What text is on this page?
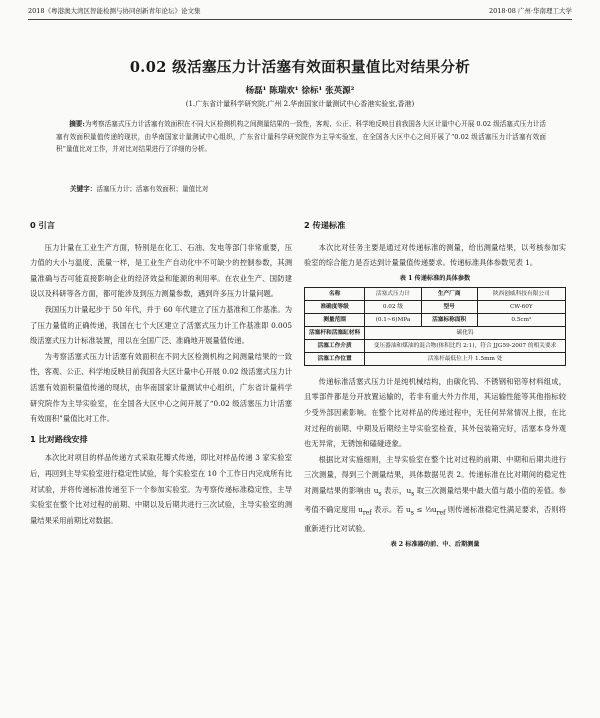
2018《粤港澳大湾区智能检测与协同创新青年论坛》论文集	2018·08 广州·华南理工大学
0.02 级活塞压力计活塞有效面积量值比对结果分析
杨磊¹ 陈瑞欢¹ 徐标¹ 张英源²
(1.广东省计量科学研究院,广州 2.华南国家计量测试中心香港实验室,香港)
摘要:为考察活塞式压力计活塞有效面积在不同大区检测机构之间测量结果的一致性，客观、公正、科学地反映目前我国各大区计量中心开展 0.02 级活塞式压力计活塞有效面积量值传递的现状，由华南国家计量测试中心组织，广东省计量科学研究院作为主导实验室，在全国各大区中心之间开展了“0.02 级活塞压力计活塞有效面积”量值比对工作，并对比对结果进行了详细的分析。
关键字：活塞压力计；活塞有效面积；量值比对
0 引言

压力计量在工业生产方面，特别是在化工、石油、发电等部门非常重要，压力值的大小与温度、流量一样，是工业生产自动化中不可缺少的控制参数，其测量准确与否可能直接影响企业的经济效益和能源的利用率。在农业生产、国防建设以及科研等各方面，都可能涉及到压力测量参数，遇到许多压力计量问题。

我国压力计量起步于 50 年代，并于 60 年代建立了压力基准和工作基准。为了压力量值的正确传递，我国在七个大区建立了活塞式压力计工作基准即 0.005 级活塞式压力计标准装置，用以在全国广泛、准确地开展量值传递。

为考察活塞式压力计活塞有效面积在不同大区检测机构之间测量结果的一致性，客观、公正、科学地反映目前我国各大区计量中心开展 0.02 级活塞式压力计活塞有效面积量值传递的现状，由华南国家计量测试中心组织，广东省计量科学研究院作为主导实验室，在全国各大区中心之间开展了“0.02 级活塞压力计活塞有效面积”量值比对工作。

1 比对路线安排

本次比对项目的样品传递方式采取花瓣式传递，即比对样品传递 3 家实验室后，再回到主导实验室进行稳定性试验，每个实验室在 10 个工作日内完成所有比对试验，并将传递标准传递至下一个参加实验室。为考察传递标准稳定性，主导实验室在整个比对过程的前期、中期以及后期共进行三次试验，主导实验室的测量结果采用前期比对数据。

2 传递标准

本次比对任务主要是通过对传递标准的测量，给出测量结果，以考核参加实验室的综合能力是否达到计量量值传递要求。传递标准具体参数见表 1。

表 1 传递标准的具体参数
名称	活塞式压力计	生产厂商	陕西创威科技有限公司
准确度等级	0.02 级	型号	CW-60Y
测量范围	(0.1~6)MPa	活塞标称面积	0.5cm²
活塞杆和活塞缸材料	碳化钨		
活塞工作介质	变压器油和煤油的混合物(体积比约 2:1)，符合 JJG59-2007 的相关要求		
活塞工作位置	活塞杆最低位上升 1.5mm 处		

传递标准活塞式压力计是纯机械结构，由碳化钨、不锈钢和铝等材料组成，且零部件都是分开放置运输的，若非有重大外力作用，其运输性能等其他指标较少受外部因素影响。在整个比对样品的传递过程中，无任何异常情况上报，在比对过程的前期、中期及后期经主导实验室检查，其外包装箱完好，活塞本身外观也无异常，无锈蚀和磕碰迹象。

根据比对实施细则，主导实验室在整个比对过程的前期、中期和后期共进行三次测量，得到三个测量结果，具体数据见表 2。传递标准在比对期间的稳定性对测量结果的影响由 $u_s$ 表示，$u_s$ 取三次测量结果中最大值与最小值的差值。参考值不确定度用 $u_{ref}$ 表示。若 $u_s$ ≤ $\frac{1}{3}u_{ref}$ 则传递标准稳定性满足要求，否则将重新进行比对试验。

表 2 标准器的前、中、后期测量
